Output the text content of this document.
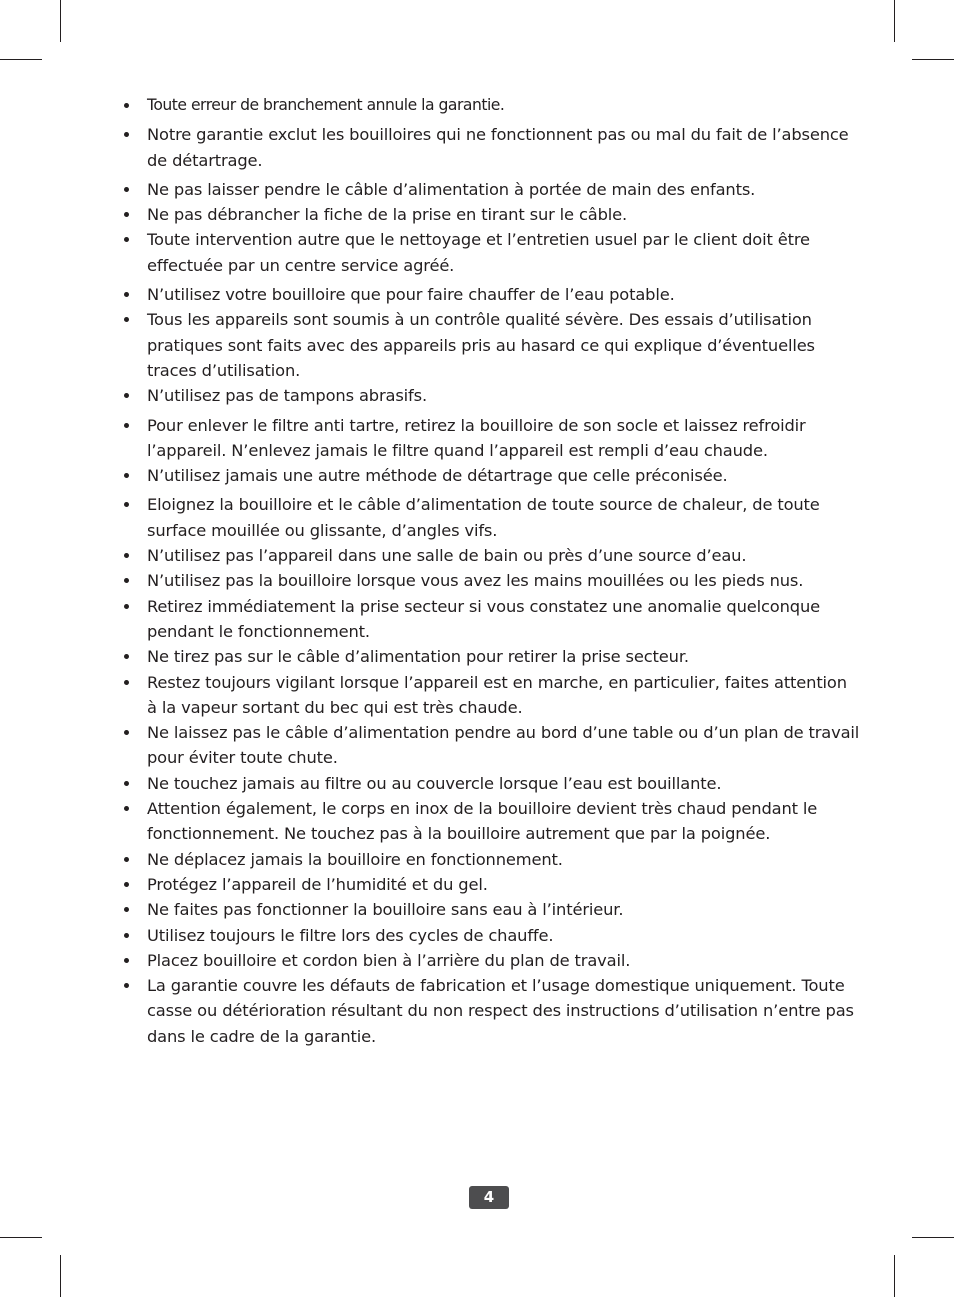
Toute erreur de branchement annule la garantie.
Notre garantie exclut les bouilloires qui ne fonctionnent pas ou mal du fait de l’absence de détartrage.
Ne pas laisser pendre le câble d’alimentation à portée de main des enfants.
Ne pas débrancher la fiche de la prise en tirant sur le câble.
Toute intervention autre que le nettoyage et l’entretien usuel par le client doit être effectuée par un centre service agréé.
N’utilisez votre bouilloire que pour faire chauffer de l’eau potable.
Tous les appareils sont soumis à un contrôle qualité sévère. Des essais d’utilisation pratiques sont faits avec des appareils pris au hasard ce qui explique d’éventuelles traces d’utilisation.
N’utilisez pas de tampons abrasifs.
Pour enlever le filtre anti tartre, retirez la bouilloire de son socle et laissez refroidir l’appareil. N’enlevez jamais le filtre quand l’appareil est rempli d’eau chaude.
N’utilisez jamais une autre méthode de détartrage que celle préconisée.
Eloignez la bouilloire et le câble d’alimentation de toute source de chaleur, de toute surface mouillée ou glissante, d’angles vifs.
N’utilisez pas l’appareil dans une salle de bain ou près d’une source d’eau.
N’utilisez pas la bouilloire lorsque vous avez les mains mouillées ou les pieds nus.
Retirez immédiatement la prise secteur si vous constatez une anomalie quelconque pendant le fonctionnement.
Ne tirez pas sur le câble d’alimentation pour retirer la prise secteur.
Restez toujours vigilant lorsque l’appareil est en marche, en particulier, faites attention à la vapeur sortant du bec qui est très chaude.
Ne laissez pas le câble d’alimentation pendre au bord d’une table ou d’un plan de travail pour éviter toute chute.
Ne touchez jamais au filtre ou au couvercle lorsque l’eau est bouillante.
Attention également, le corps en inox de la bouilloire devient très chaud pendant le fonctionnement. Ne touchez pas à la bouilloire autrement que par la poignée.
Ne déplacez jamais la bouilloire en fonctionnement.
Protégez l’appareil de l’humidité et du gel.
Ne faites pas fonctionner la bouilloire sans eau à l’intérieur.
Utilisez toujours le filtre lors des cycles de chauffe.
Placez bouilloire et cordon bien à l’arrière du plan de travail.
La garantie couvre les défauts de fabrication et l’usage domestique uniquement. Toute casse ou détérioration résultant du non respect des instructions d’utilisation n’entre pas dans le cadre de la garantie.
4
